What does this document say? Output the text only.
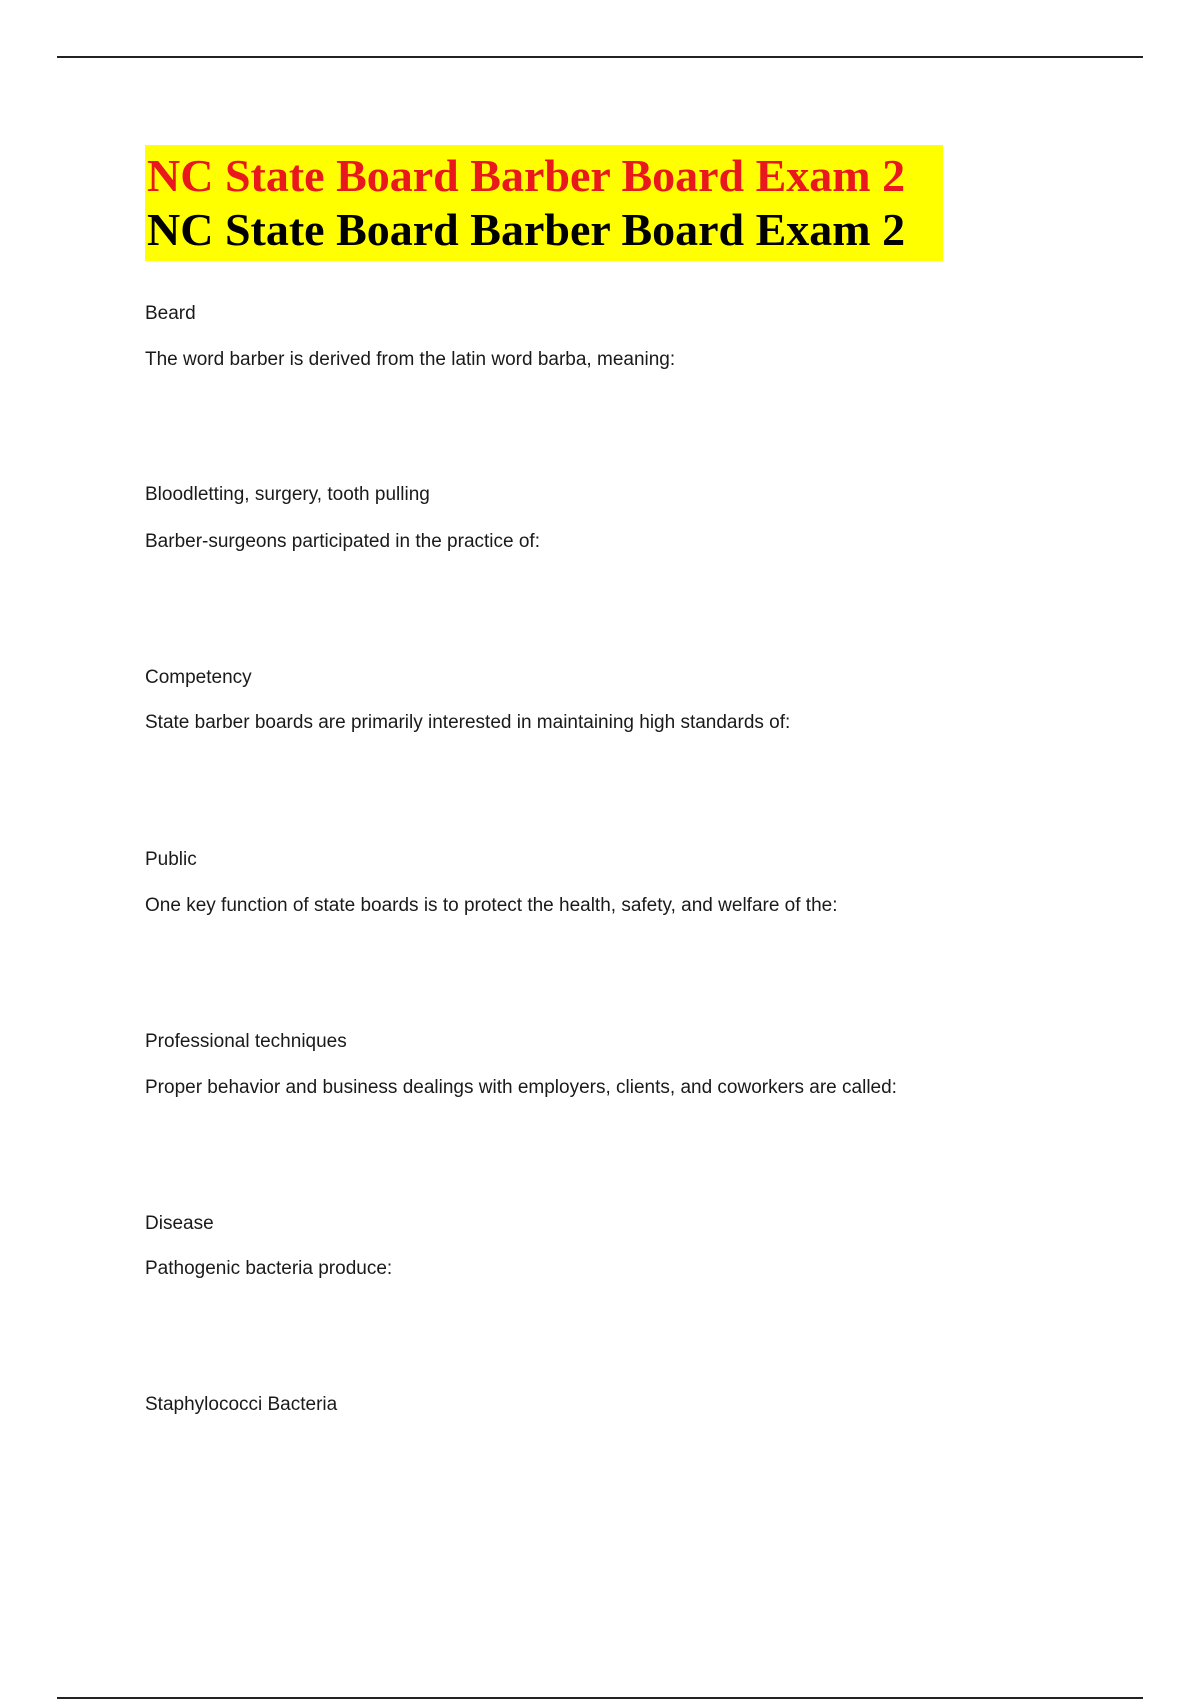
NC State Board Barber Board Exam 2
NC State Board Barber Board Exam 2
Beard
The word barber is derived from the latin word barba, meaning:
Bloodletting, surgery, tooth pulling
Barber-surgeons participated in the practice of:
Competency
State barber boards are primarily interested in maintaining high standards of:
Public
One key function of state boards is to protect the health, safety, and welfare of the:
Professional techniques
Proper behavior and business dealings with employers, clients, and coworkers are called:
Disease
Pathogenic bacteria produce:
Staphylococci Bacteria
